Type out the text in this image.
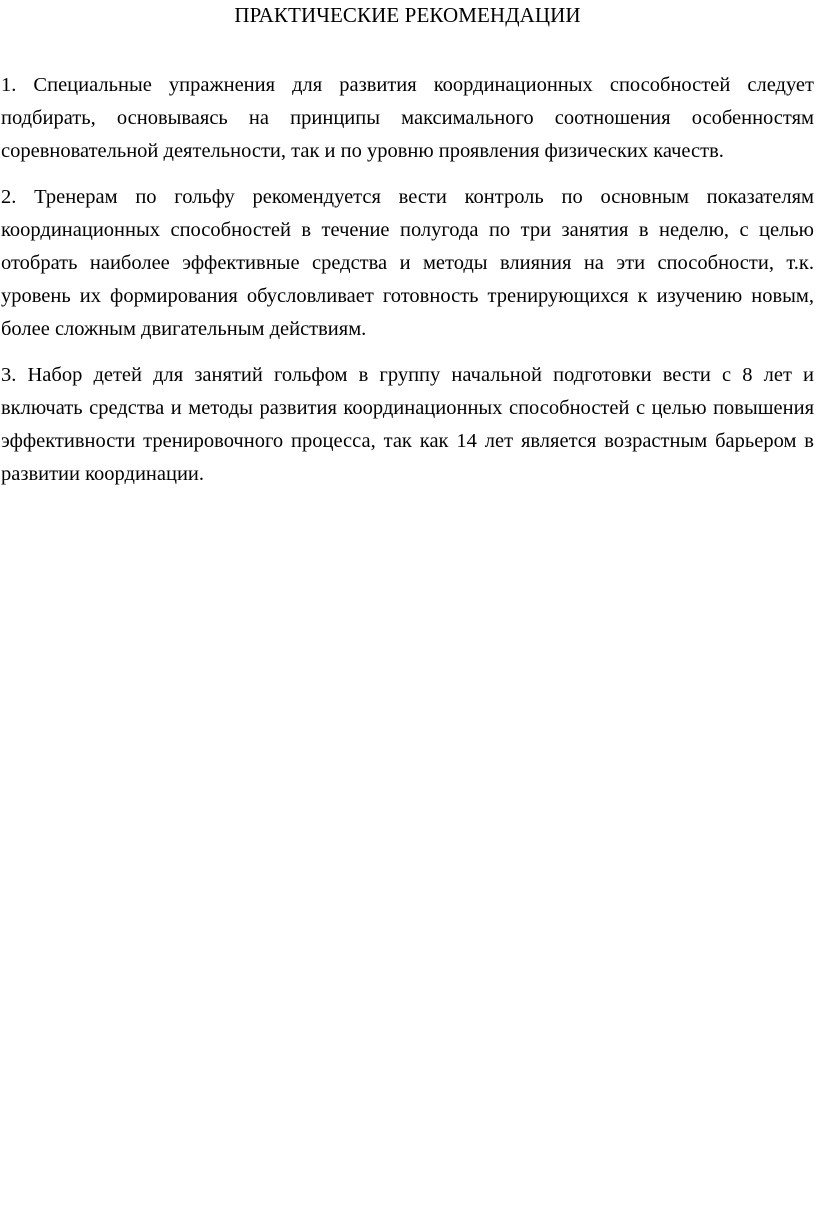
ПРАКТИЧЕСКИЕ РЕКОМЕНДАЦИИ

1. Специальные упражнения для развития координационных способностей следует подбирать, основываясь на принципы максимального соотношения особенностям соревновательной деятельности, так и по уровню проявления физических качеств.

2. Тренерам по гольфу рекомендуется вести контроль по основным показателям координационных способностей в течение полугода по три занятия в неделю, с целью отобрать наиболее эффективные средства и методы влияния на эти способности, т.к. уровень их формирования обусловливает готовность тренирующихся к изучению новым, более сложным двигательным действиям.

3. Набор детей для занятий гольфом в группу начальной подготовки вести с 8 лет и включать средства и методы развития координационных способностей с целью повышения эффективности тренировочного процесса, так как 14 лет является возрастным барьером в развитии координации.
